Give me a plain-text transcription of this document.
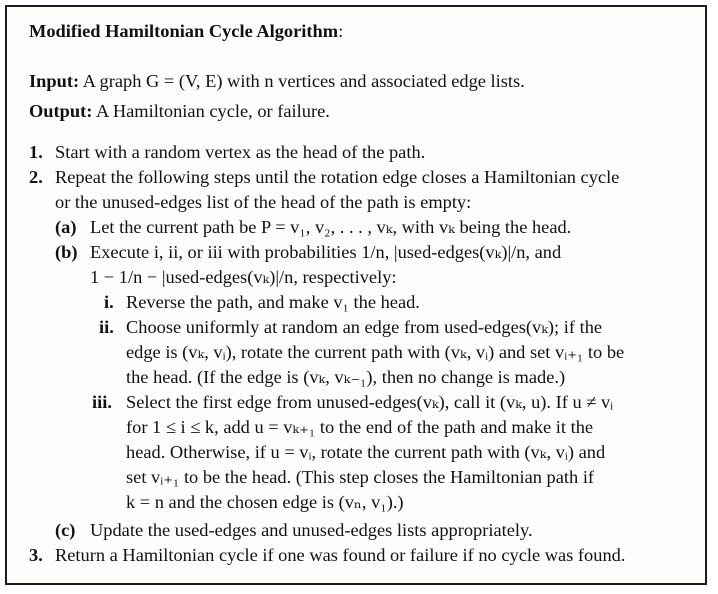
Modified Hamiltonian Cycle Algorithm:
Input: A graph G = (V, E) with n vertices and associated edge lists.
Output: A Hamiltonian cycle, or failure.
1. Start with a random vertex as the head of the path.
2. Repeat the following steps until the rotation edge closes a Hamiltonian cycle
or the unused-edges list of the head of the path is empty:
(a) Let the current path be P = v₁, v₂, . . . , vₖ, with vₖ being the head.
(b) Execute i, ii, or iii with probabilities 1/n, |used-edges(vₖ)|/n, and
1 − 1/n − |used-edges(vₖ)|/n, respectively:
i. Reverse the path, and make v₁ the head.
ii. Choose uniformly at random an edge from used-edges(vₖ); if the
edge is (vₖ, vᵢ), rotate the current path with (vₖ, vᵢ) and set vᵢ₊₁ to be
the head. (If the edge is (vₖ, vₖ₋₁), then no change is made.)
iii. Select the first edge from unused-edges(vₖ), call it (vₖ, u). If u ≠ vᵢ
for 1 ≤ i ≤ k, add u = vₖ₊₁ to the end of the path and make it the
head. Otherwise, if u = vᵢ, rotate the current path with (vₖ, vᵢ) and
set vᵢ₊₁ to be the head. (This step closes the Hamiltonian path if
k = n and the chosen edge is (vₙ, v₁).)
(c) Update the used-edges and unused-edges lists appropriately.
3. Return a Hamiltonian cycle if one was found or failure if no cycle was found.
